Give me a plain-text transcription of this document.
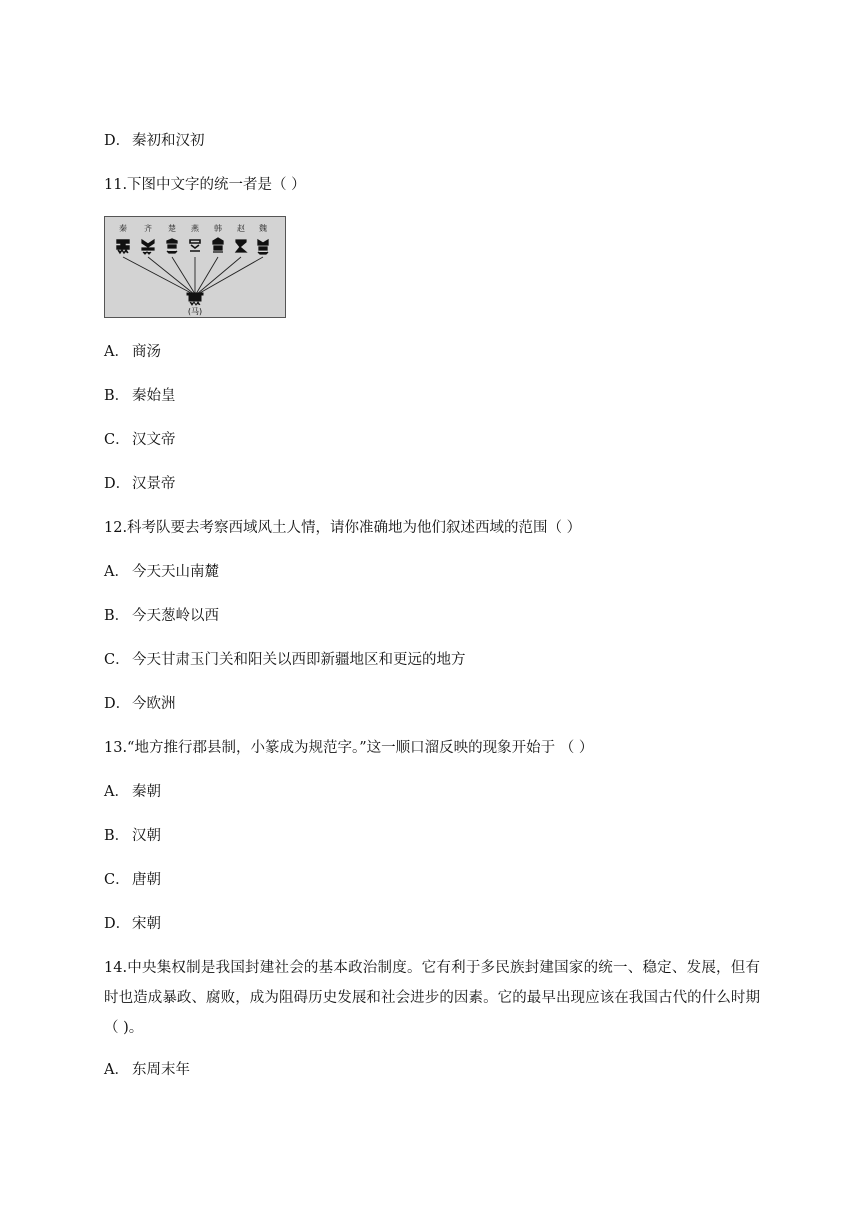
D． 秦初和汉初
11.下图中文字的统一者是（ ）
秦 齐 楚 燕 韩 赵 魏
(马)
A． 商汤
B． 秦始皇
C． 汉文帝
D． 汉景帝
12.科考队要去考察西域风土人情，请你准确地为他们叙述西域的范围（ ）
A． 今天天山南麓
B． 今天葱岭以西
C． 今天甘肃玉门关和阳关以西即新疆地区和更远的地方
D． 今欧洲
13.“地方推行郡县制，小篆成为规范字。”这一顺口溜反映的现象开始于 （ ）
A． 秦朝
B． 汉朝
C． 唐朝
D． 宋朝
14.中央集权制是我国封建社会的基本政治制度。它有利于多民族封建国家的统一、稳定、发展，但有时也造成暴政、腐败，成为阻碍历史发展和社会进步的因素。它的最早出现应该在我国古代的什么时期 （ )。
A． 东周末年
